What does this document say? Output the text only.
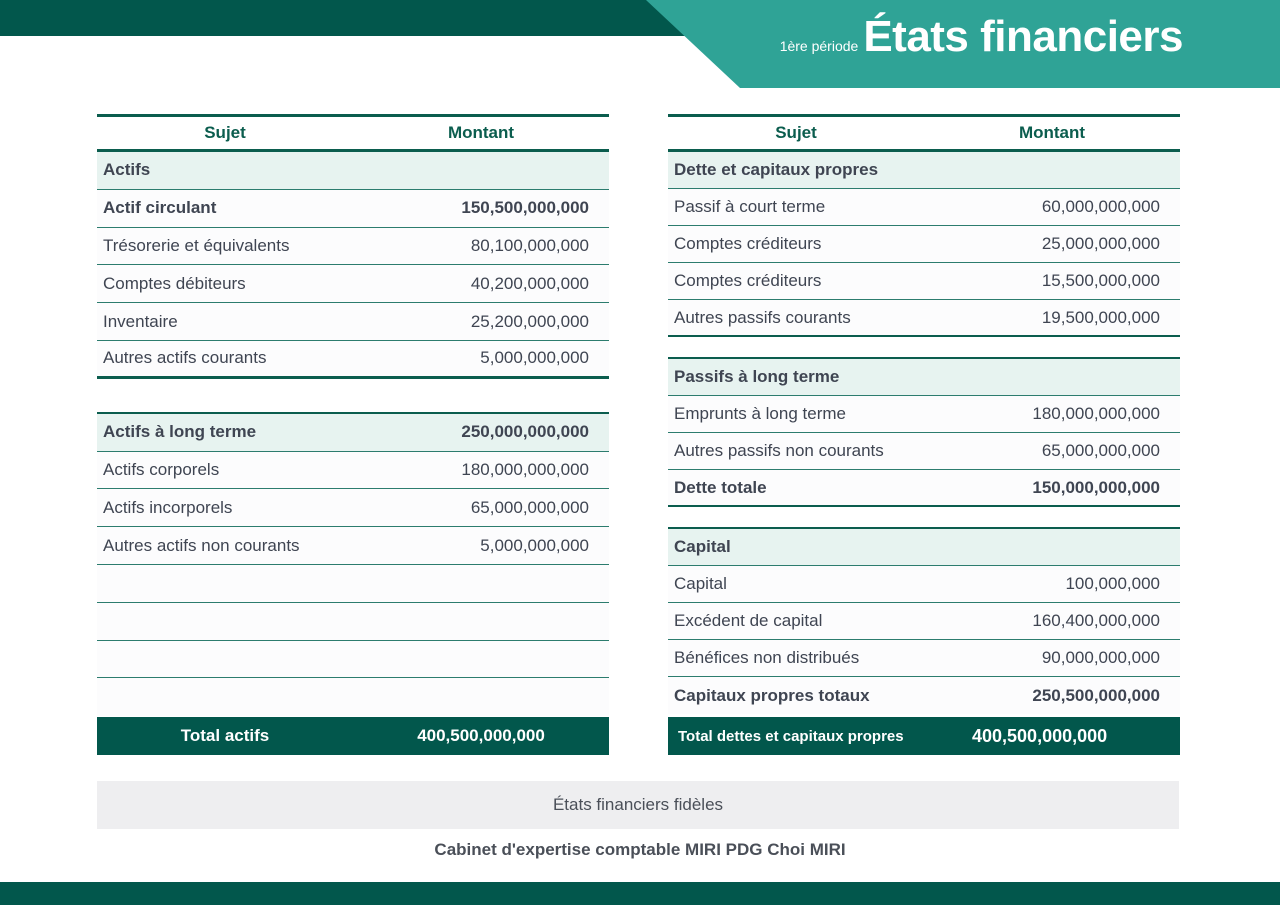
1ère période États financiers
Sujet	Montant
Actifs
Actif circulant	150,500,000,000
Trésorerie et équivalents	80,100,000,000
Comptes débiteurs	40,200,000,000
Inventaire	25,200,000,000
Autres actifs courants	5,000,000,000
Actifs à long terme	250,000,000,000
Actifs corporels	180,000,000,000
Actifs incorporels	65,000,000,000
Autres actifs non courants	5,000,000,000
Total actifs	400,500,000,000
Sujet	Montant
Dette et capitaux propres
Passif à court terme	60,000,000,000
Comptes créditeurs	25,000,000,000
Comptes créditeurs	15,500,000,000
Autres passifs courants	19,500,000,000
Passifs à long terme
Emprunts à long terme	180,000,000,000
Autres passifs non courants	65,000,000,000
Dette totale	150,000,000,000
Capital
Capital	100,000,000
Excédent de capital	160,400,000,000
Bénéfices non distribués	90,000,000,000
Capitaux propres totaux	250,500,000,000
Total dettes et capitaux propres	400,500,000,000
États financiers fidèles
Cabinet d'expertise comptable MIRI PDG Choi MIRI
